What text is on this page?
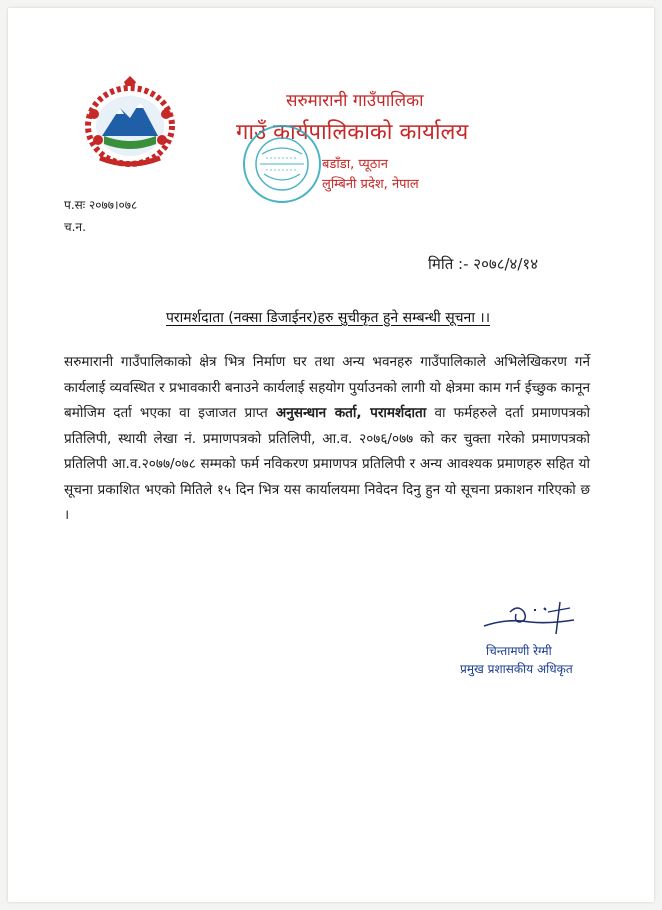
सरुमारानी गाउँपालिका
गाउँ कार्यपालिकाको कार्यालय
बडाँडा, प्यूठान
लुम्बिनी प्रदेश, नेपाल
प.सः २०७७।०७८
च.न.
मिति :- २०७८/४/१४
परामर्शदाता (नक्सा डिजाईनर)हरु सुचीकृत हुने सम्बन्धी सूचना ।।
सरुमारानी गाउँपालिकाको क्षेत्र भित्र निर्माण घर तथा अन्य भवनहरु गाउँपालिकाले अभिलेखिकरण गर्ने कार्यलाई व्यवस्थित र प्रभावकारी बनाउने कार्यलाई सहयोग पुर्याउनको लागी यो क्षेत्रमा काम गर्न ईच्छुक कानून बमोजिम दर्ता भएका वा इजाजत प्राप्त अनुसन्धान कर्ता, परामर्शदाता वा फर्महरुले दर्ता प्रमाणपत्रको प्रतिलिपी, स्थायी लेखा नं. प्रमाणपत्रको प्रतिलिपी, आ.व. २०७६/०७७ को कर चुक्ता गरेको प्रमाणपत्रको प्रतिलिपी आ.व.२०७७/०७८ सम्मको फर्म नविकरण प्रमाणपत्र प्रतिलिपी र अन्य आवश्यक प्रमाणहरु सहित यो सूचना प्रकाशित भएको मितिले १५ दिन भित्र यस कार्यालयमा निवेदन दिनु हुन यो सूचना प्रकाशन गरिएको छ ।
चिन्तामणी रेग्मी
प्रमुख प्रशासकीय अधिकृत
